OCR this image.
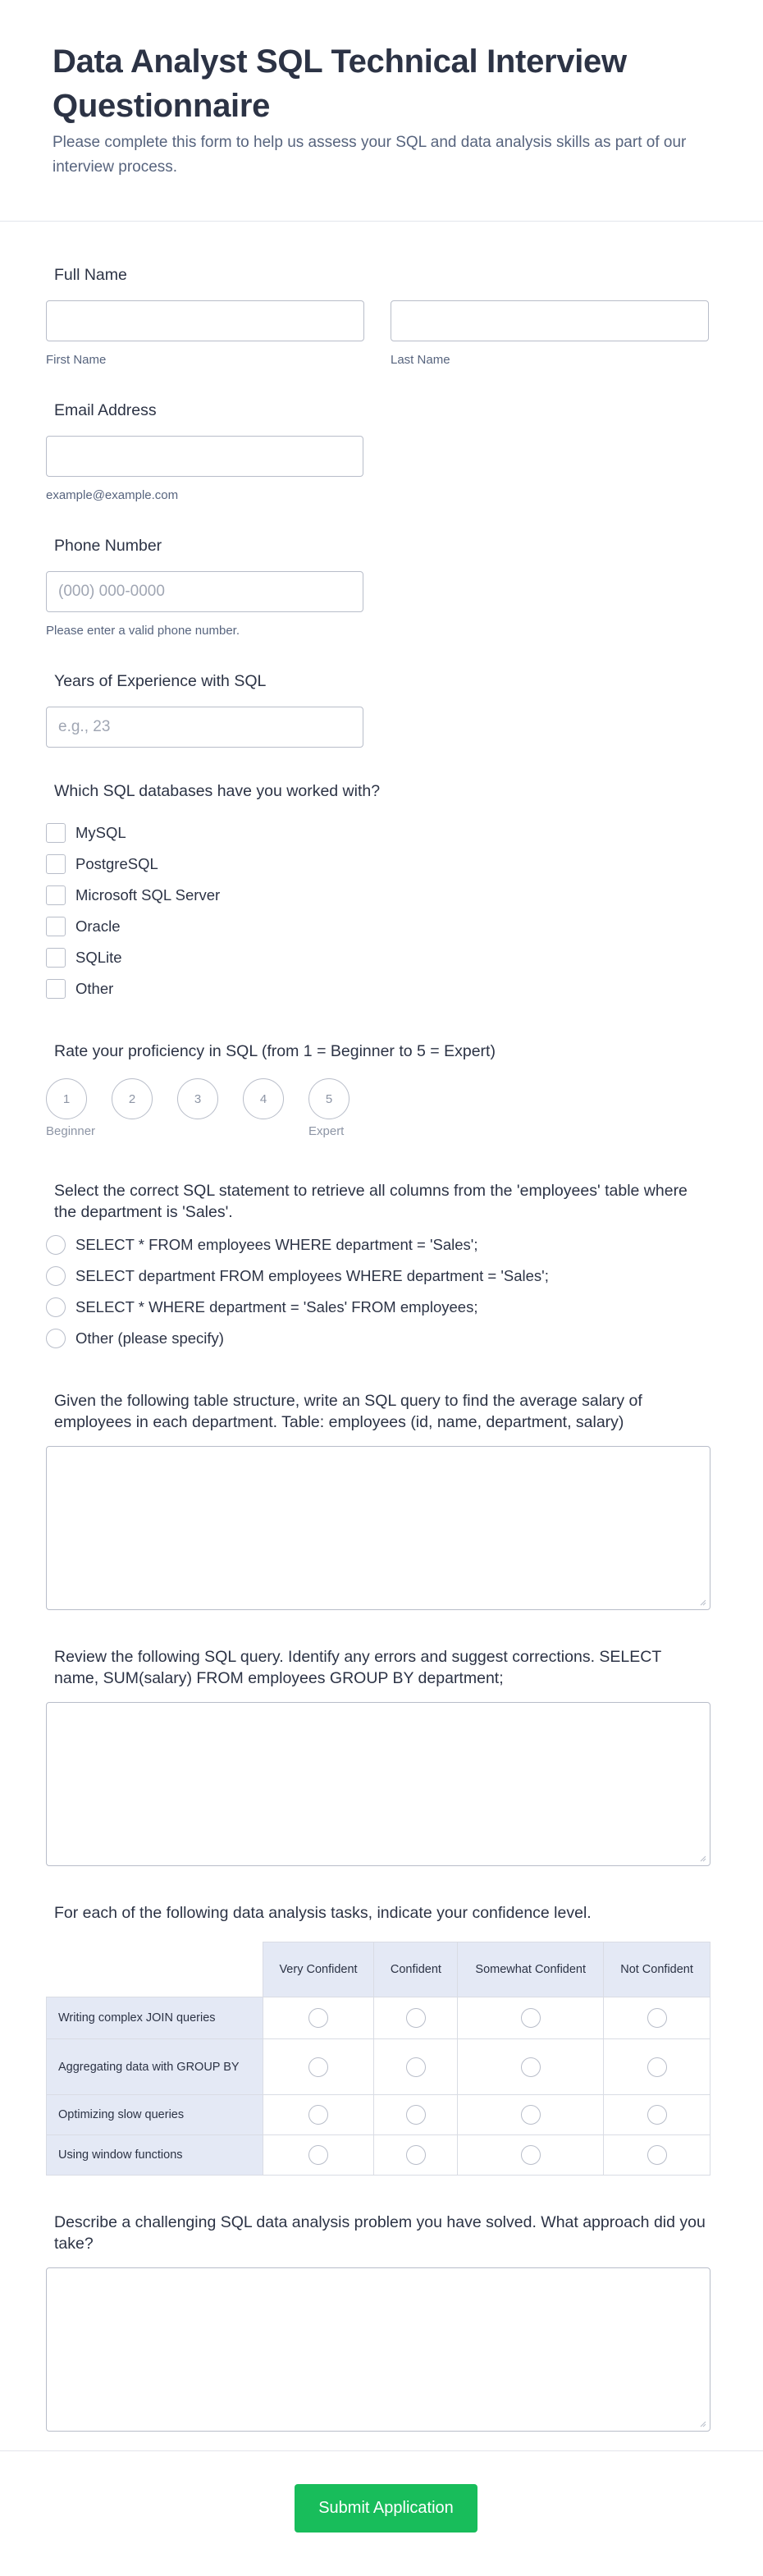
Data Analyst SQL Technical Interview Questionnaire

Please complete this form to help us assess your SQL and data analysis skills as part of our interview process.

Full Name
First Name	Last Name
Email Address
example@example.com
Phone Number
(000) 000-0000
Please enter a valid phone number.
Years of Experience with SQL
e.g., 23
Which SQL databases have you worked with?
MySQL
PostgreSQL
Microsoft SQL Server
Oracle
SQLite
Other
Rate your proficiency in SQL (from 1 = Beginner to 5 = Expert)
1	2	3	4	5
Beginner	Expert
Select the correct SQL statement to retrieve all columns from the 'employees' table where the department is 'Sales'.
SELECT * FROM employees WHERE department = 'Sales';
SELECT department FROM employees WHERE department = 'Sales';
SELECT * WHERE department = 'Sales' FROM employees;
Other (please specify)
Given the following table structure, write an SQL query to find the average salary of employees in each department. Table: employees (id, name, department, salary)
Review the following SQL query. Identify any errors and suggest corrections. SELECT name, SUM(salary) FROM employees GROUP BY department;
For each of the following data analysis tasks, indicate your confidence level.
	Very Confident	Confident	Somewhat Confident	Not Confident
Writing complex JOIN queries				
Aggregating data with GROUP BY				
Optimizing slow queries				
Using window functions				
Describe a challenging SQL data analysis problem you have solved. What approach did you take?
Submit Application
